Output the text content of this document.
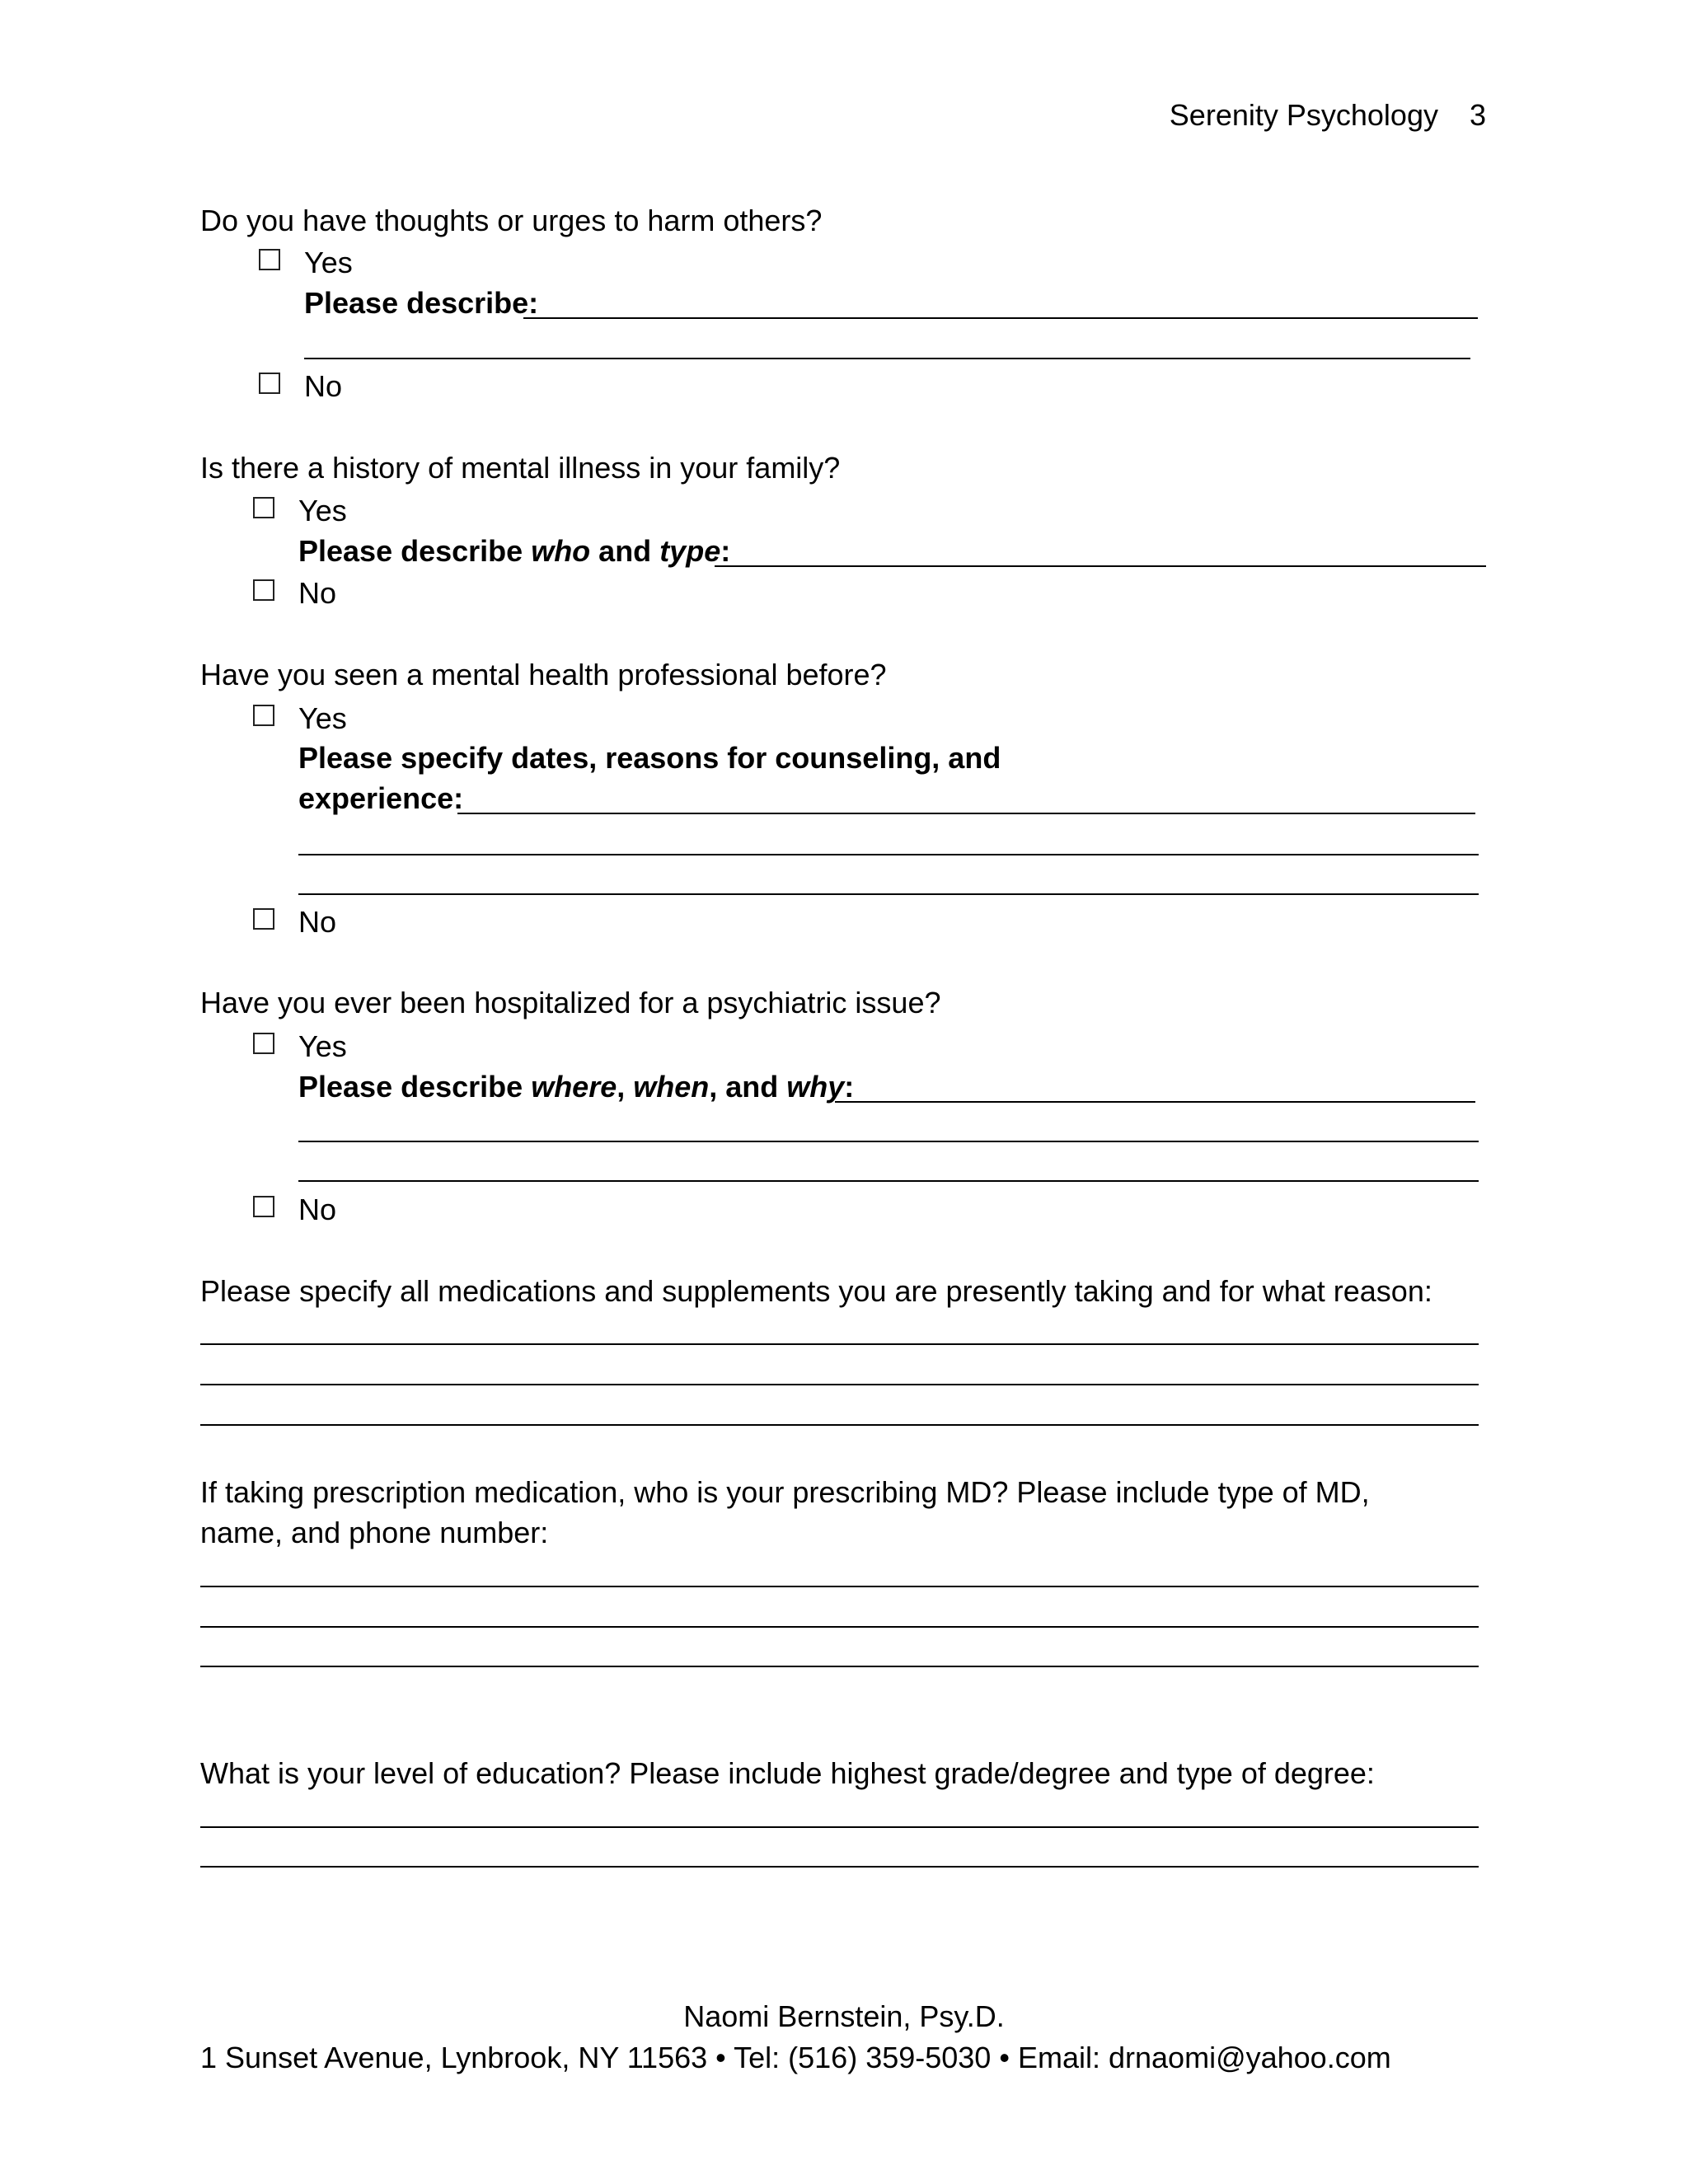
Serenity Psychology 3
Do you have thoughts or urges to harm others?
Yes
Please describe:
No
Is there a history of mental illness in your family?
Yes
Please describe who and type:
No
Have you seen a mental health professional before?
Yes
Please specify dates, reasons for counseling, and
experience:
No
Have you ever been hospitalized for a psychiatric issue?
Yes
Please describe where, when, and why:
No
Please specify all medications and supplements you are presently taking and for what reason:
If taking prescription medication, who is your prescribing MD? Please include type of MD,
name, and phone number:
What is your level of education? Please include highest grade/degree and type of degree:
Naomi Bernstein, Psy.D.
1 Sunset Avenue, Lynbrook, NY 11563 • Tel: (516) 359-5030 • Email: drnaomi@yahoo.com
